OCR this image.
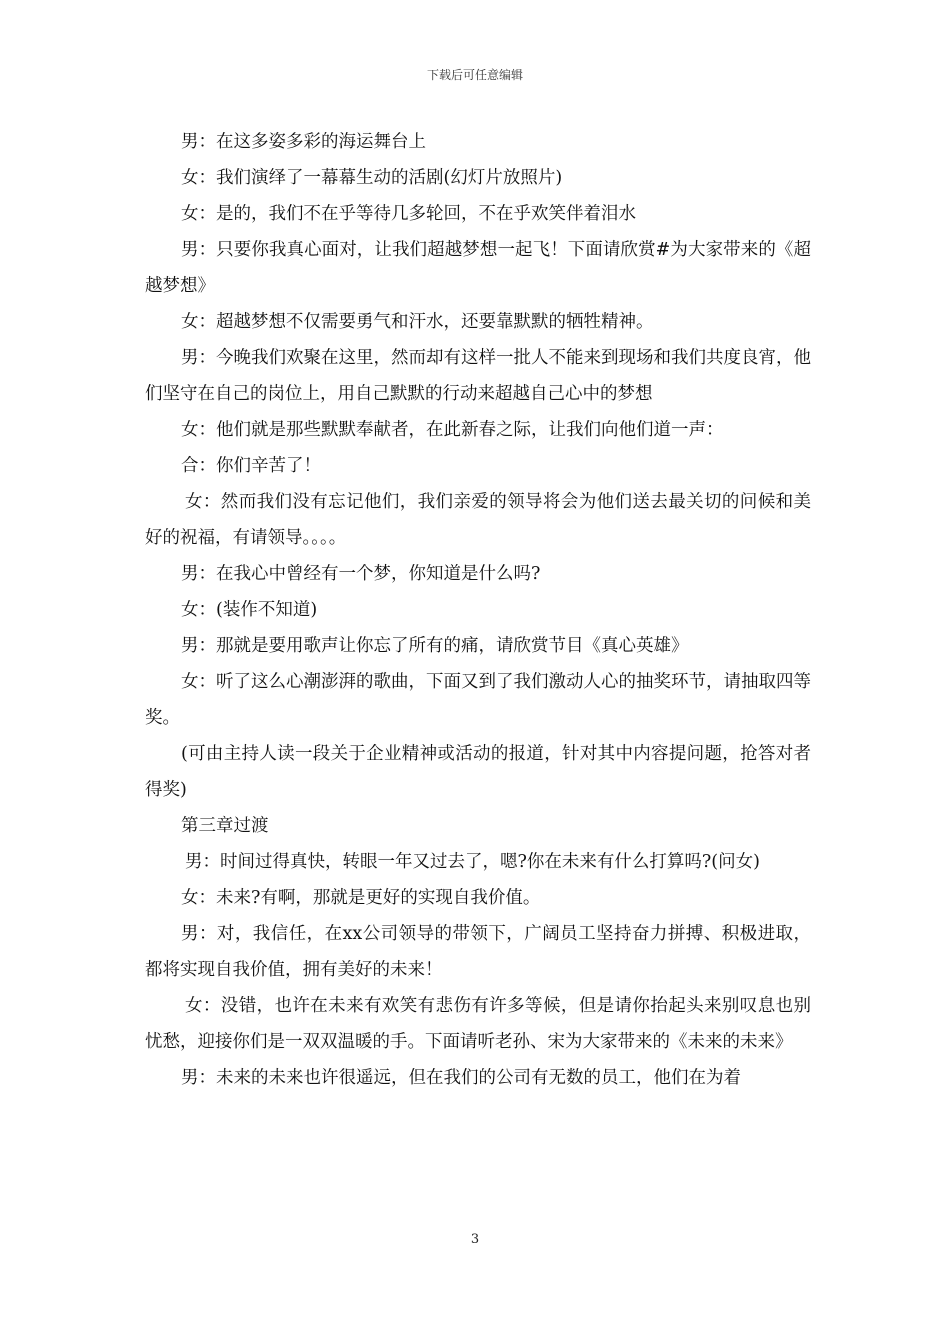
下载后可任意编辑

男：在这多姿多彩的海运舞台上

女：我们演绎了一幕幕生动的活剧(幻灯片放照片)

女：是的，我们不在乎等待几多轮回，不在乎欢笑伴着泪水

男：只要你我真心面对，让我们超越梦想一起飞！下面请欣赏#为大家带来的《超越梦想》

女：超越梦想不仅需要勇气和汗水，还要靠默默的牺牲精神。

男：今晚我们欢聚在这里，然而却有这样一批人不能来到现场和我们共度良宵，他们坚守在自己的岗位上，用自己默默的行动来超越自己心中的梦想

女：他们就是那些默默奉献者，在此新春之际，让我们向他们道一声：

合：你们辛苦了！

女：然而我们没有忘记他们，我们亲爱的领导将会为他们送去最关切的问候和美好的祝福，有请领导。。。。

男：在我心中曾经有一个梦，你知道是什么吗?

女：(装作不知道)

男：那就是要用歌声让你忘了所有的痛，请欣赏节目《真心英雄》

女：听了这么心潮澎湃的歌曲，下面又到了我们激动人心的抽奖环节，请抽取四等奖。

(可由主持人读一段关于企业精神或活动的报道，针对其中内容提问题，抢答对者得奖)

第三章过渡

男：时间过得真快，转眼一年又过去了，嗯?你在未来有什么打算吗?(问女)

女：未来?有啊，那就是更好的实现自我价值。

男：对，我信任，在xx公司领导的带领下，广阔员工坚持奋力拼搏、积极进取，都将实现自我价值，拥有美好的未来！

女：没错，也许在未来有欢笑有悲伤有许多等候，但是请你抬起头来别叹息也别忧愁，迎接你们是一双双温暖的手。下面请听老孙、宋为大家带来的《未来的未来》

男：未来的未来也许很遥远，但在我们的公司有无数的员工，他们在为着

3
